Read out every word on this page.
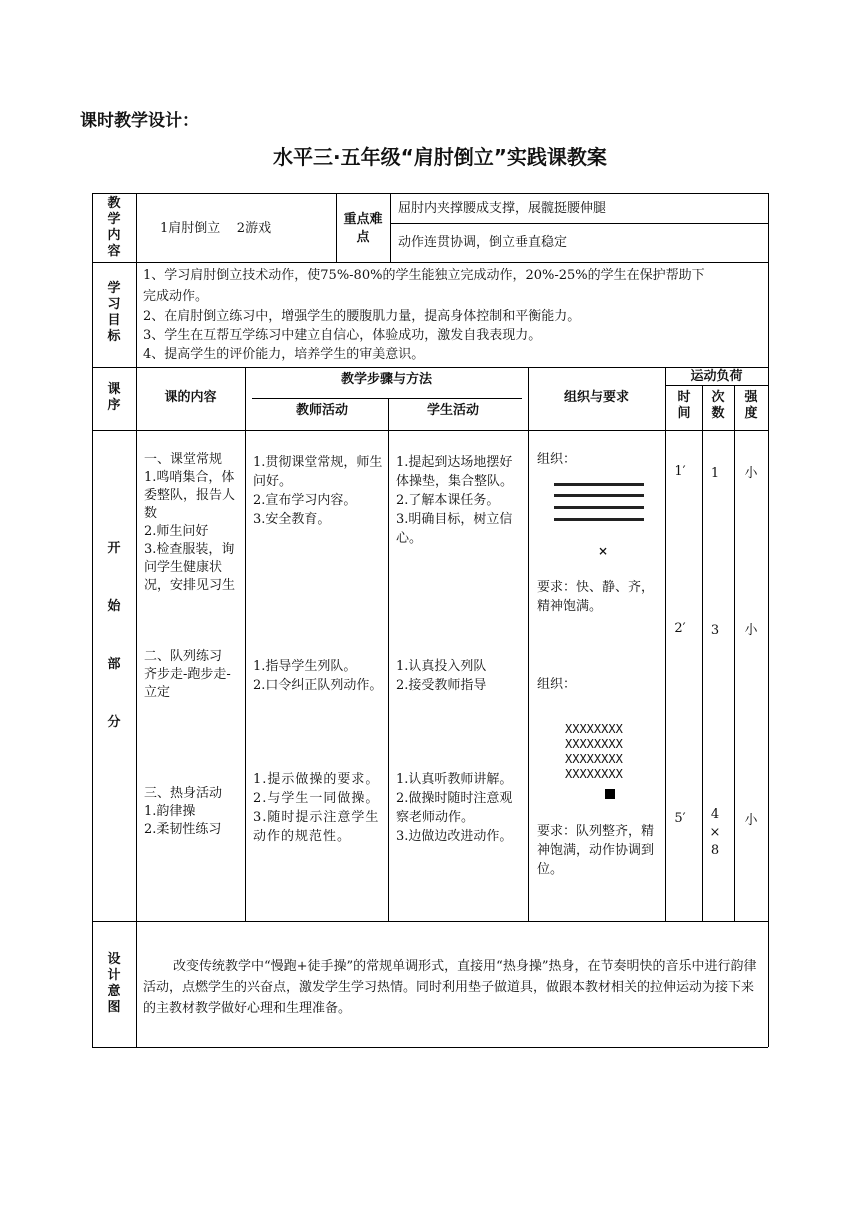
课时教学设计：
水平三·五年级“肩肘倒立”实践课教案
教学内容
1肩肘倒立    2游戏
重点难点
屈肘内夹撑腰成支撑，展髋挺腰伸腿
动作连贯协调，倒立垂直稳定
学习目标
1、学习肩肘倒立技术动作，使75%-80%的学生能独立完成动作，20%-25%的学生在保护帮助下
完成动作。
2、在肩肘倒立练习中，增强学生的腰腹肌力量，提高身体控制和平衡能力。
3、学生在互帮互学练习中建立自信心，体验成功，激发自我表现力。
4、提高学生的评价能力，培养学生的审美意识。
课序
课的内容
教学步骤与方法
教师活动	学生活动
组织与要求
运动负荷
时间
次数
强度
开始部分
一、课堂常规
1.鸣哨集合，体委整队，报告人数
2.师生问好
3.检查服装，询问学生健康状况，安排见习生
二、队列练习
齐步走-跑步走-立定
三、热身活动
1.韵律操
2.柔韧性练习
1.贯彻课堂常规，师生问好。
2.宣布学习内容。
3.安全教育。
1.指导学生列队。
2.口令纠正队列动作。
1.提示做操的要求。
2.与学生一同做操。
3.随时提示注意学生动作的规范性。
1.提起到达场地摆好体操垫，集合整队。
2.了解本课任务。
3.明确目标，树立信心。
1.认真投入列队
2.接受教师指导
1.认真听教师讲解。
2.做操时随时注意观察老师动作。
3.边做边改进动作。
组织：
×
要求：快、静、齐，精神饱满。
组织：
XXXXXXXX
XXXXXXXX
XXXXXXXX
XXXXXXXX
要求：队列整齐，精神饱满，动作协调到位。
1′
2′
5′
1
3
4
×
8
小
小
小
设计意图
改变传统教学中“慢跑+徒手操”的常规单调形式，直接用“热身操”热身，在节奏明快的音乐中进行韵律活动，点燃学生的兴奋点，激发学生学习热情。同时利用垫子做道具，做跟本教材相关的拉伸运动为接下来的主教材教学做好心理和生理准备。
